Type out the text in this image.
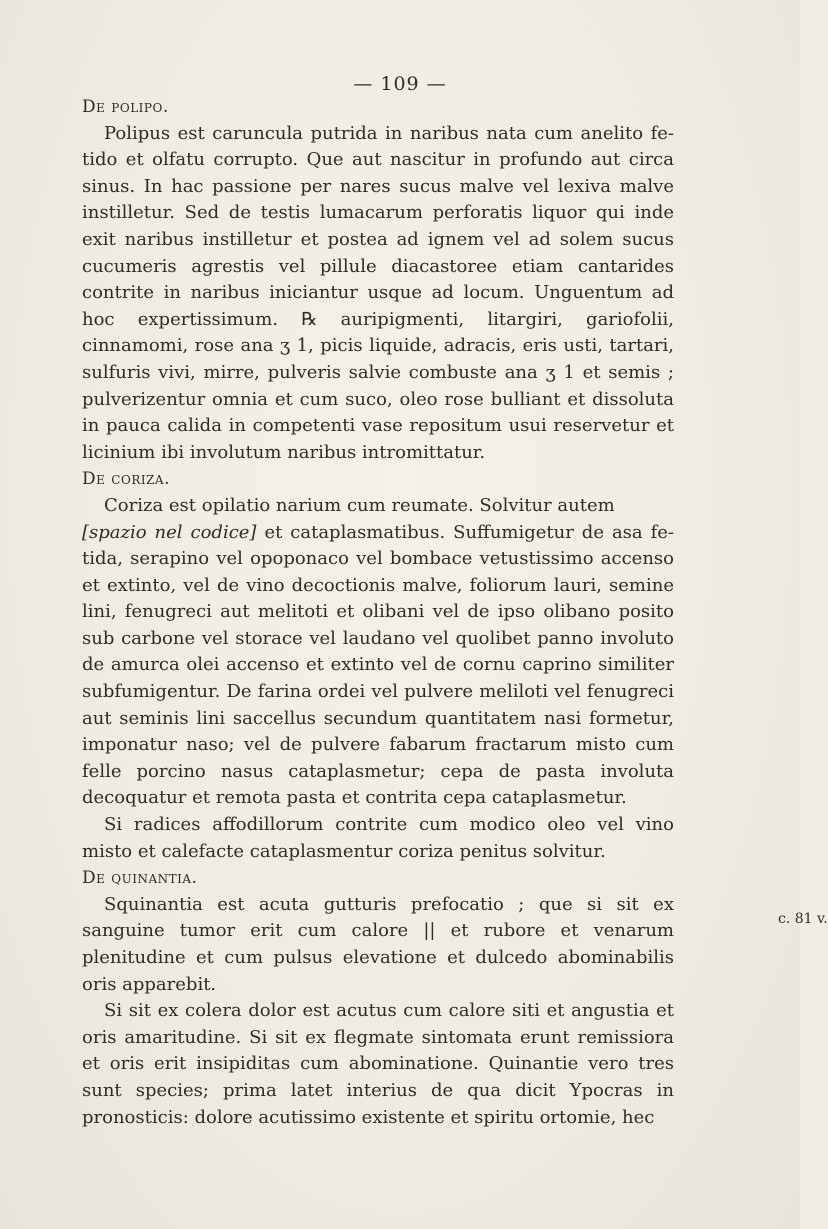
— 109 —

De polipo.

Polipus est caruncula putrida in naribus nata cum anelito fetido et olfatu corrupto. Que aut nascitur in profundo aut circa sinus. In hac passione per nares sucus malve vel lexiva malve instilletur. Sed de testis lumacarum perforatis liquor qui inde exit naribus instilletur et postea ad ignem vel ad solem sucus cucumeris agrestis vel pillule diacastoree etiam cantarides contrite in naribus iniciantur usque ad locum. Unguentum ad hoc expertissimum. ℞ auripigmenti, litargiri, gariofolii, cinnamomi, rose ana ʒ 1, picis liquide, adracis, eris usti, tartari, sulfuris vivi, mirre, pulveris salvie combuste ana ʒ 1 et semis ; pulverizentur omnia et cum suco, oleo rose bulliant et dissoluta in pauca calida in competenti vase repositum usui reservetur et licinium ibi involutum naribus intromittatur.

De coriza.

Coriza est opilatio narium cum reumate. Solvitur autem
[spazio nel codice] et cataplasmatibus. Suffumigetur de asa fetida, serapino vel opoponaco vel bombace vetustissimo accenso et extinto, vel de vino decoctionis malve, foliorum lauri, semine lini, fenugreci aut melitoti et olibani vel de ipso olibano posito sub carbone vel storace vel laudano vel quolibet panno involuto de amurca olei accenso et extinto vel de cornu caprino similiter subfumigentur. De farina ordei vel pulvere meliloti vel fenugreci aut seminis lini saccellus secundum quantitatem nasi formetur, imponatur naso; vel de pulvere fabarum fractarum misto cum felle porcino nasus cataplasmetur; cepa de pasta involuta decoquatur et remota pasta et contrita cepa cataplasmetur.

Si radices affodillorum contrite cum modico oleo vel vino misto et calefacte cataplasmentur coriza penitus solvitur.

De quinantia.

Squinantia est acuta gutturis prefocatio ; que si sit ex sanguine tumor erit cum calore || et rubore et venarum plenitudine et cum pulsus elevatione et dulcedo abominabilis oris apparebit.

Si sit ex colera dolor est acutus cum calore siti et angustia et oris amaritudine. Si sit ex flegmate sintomata erunt remissiora et oris erit insipiditas cum abominatione. Quinantie vero tres sunt species; prima latet interius de qua dicit Ypocras in pronosticis: dolore acutissimo existente et spiritu ortomie, hec

c. 81 v.
